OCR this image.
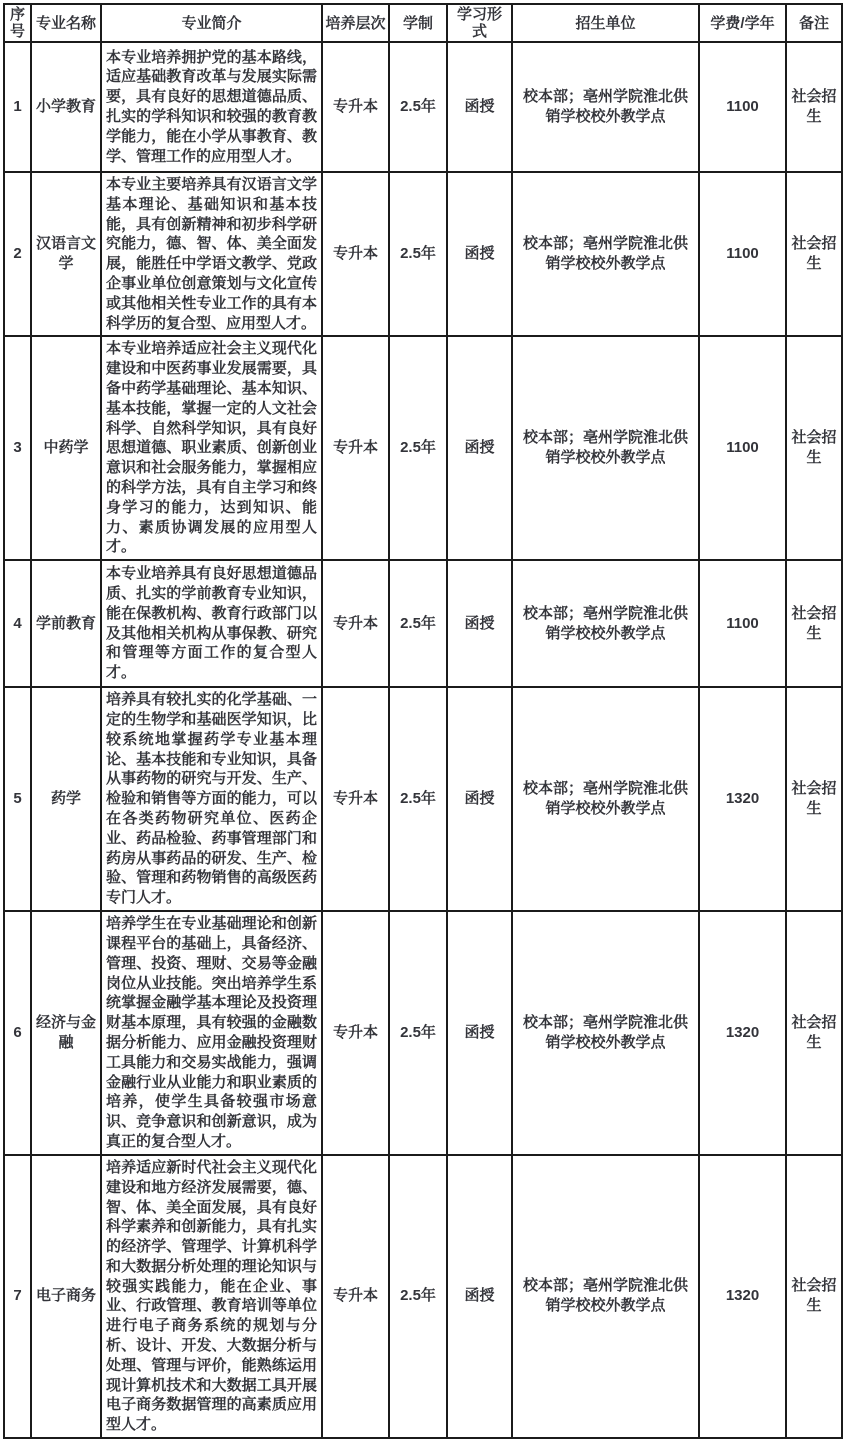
序号	专业名称	专业简介	培养层次	学制	学习形式	招生单位	学费/学年	备注
1	小学教育	本专业培养拥护党的基本路线，适应基础教育改革与发展实际需要，具有良好的思想道德品质、扎实的学科知识和较强的教育教学能力，能在小学从事教育、教学、管理工作的应用型人才。	专升本	2.5年	函授	校本部；亳州学院淮北供销学校校外教学点	1100	社会招生
2	汉语言文学	本专业主要培养具有汉语言文学基本理论、基础知识和基本技能，具有创新精神和初步科学研究能力，德、智、体、美全面发展，能胜任中学语文教学、党政企事业单位创意策划与文化宣传或其他相关性专业工作的具有本科学历的复合型、应用型人才。	专升本	2.5年	函授	校本部；亳州学院淮北供销学校校外教学点	1100	社会招生
3	中药学	本专业培养适应社会主义现代化建设和中医药事业发展需要，具备中药学基础理论、基本知识、基本技能，掌握一定的人文社会科学、自然科学知识，具有良好思想道德、职业素质、创新创业意识和社会服务能力，掌握相应的科学方法，具有自主学习和终身学习的能力，达到知识、能力、素质协调发展的应用型人才。	专升本	2.5年	函授	校本部；亳州学院淮北供销学校校外教学点	1100	社会招生
4	学前教育	本专业培养具有良好思想道德品质、扎实的学前教育专业知识，能在保教机构、教育行政部门以及其他相关机构从事保教、研究和管理等方面工作的复合型人才。	专升本	2.5年	函授	校本部；亳州学院淮北供销学校校外教学点	1100	社会招生
5	药学	培养具有较扎实的化学基础、一定的生物学和基础医学知识，比较系统地掌握药学专业基本理论、基本技能和专业知识，具备从事药物的研究与开发、生产、检验和销售等方面的能力，可以在各类药物研究单位、医药企业、药品检验、药事管理部门和药房从事药品的研发、生产、检验、管理和药物销售的高级医药专门人才。	专升本	2.5年	函授	校本部；亳州学院淮北供销学校校外教学点	1320	社会招生
6	经济与金融	培养学生在专业基础理论和创新课程平台的基础上，具备经济、管理、投资、理财、交易等金融岗位从业技能。突出培养学生系统掌握金融学基本理论及投资理财基本原理，具有较强的金融数据分析能力、应用金融投资理财工具能力和交易实战能力，强调金融行业从业能力和职业素质的培养，使学生具备较强市场意识、竞争意识和创新意识，成为真正的复合型人才。	专升本	2.5年	函授	校本部；亳州学院淮北供销学校校外教学点	1320	社会招生
7	电子商务	培养适应新时代社会主义现代化建设和地方经济发展需要，德、智、体、美全面发展，具有良好科学素养和创新能力，具有扎实的经济学、管理学、计算机科学和大数据分析处理的理论知识与较强实践能力，能在企业、事业、行政管理、教育培训等单位进行电子商务系统的规划与分析、设计、开发、大数据分析与处理、管理与评价，能熟练运用现计算机技术和大数据工具开展电子商务数据管理的高素质应用型人才。	专升本	2.5年	函授	校本部；亳州学院淮北供销学校校外教学点	1320	社会招生
